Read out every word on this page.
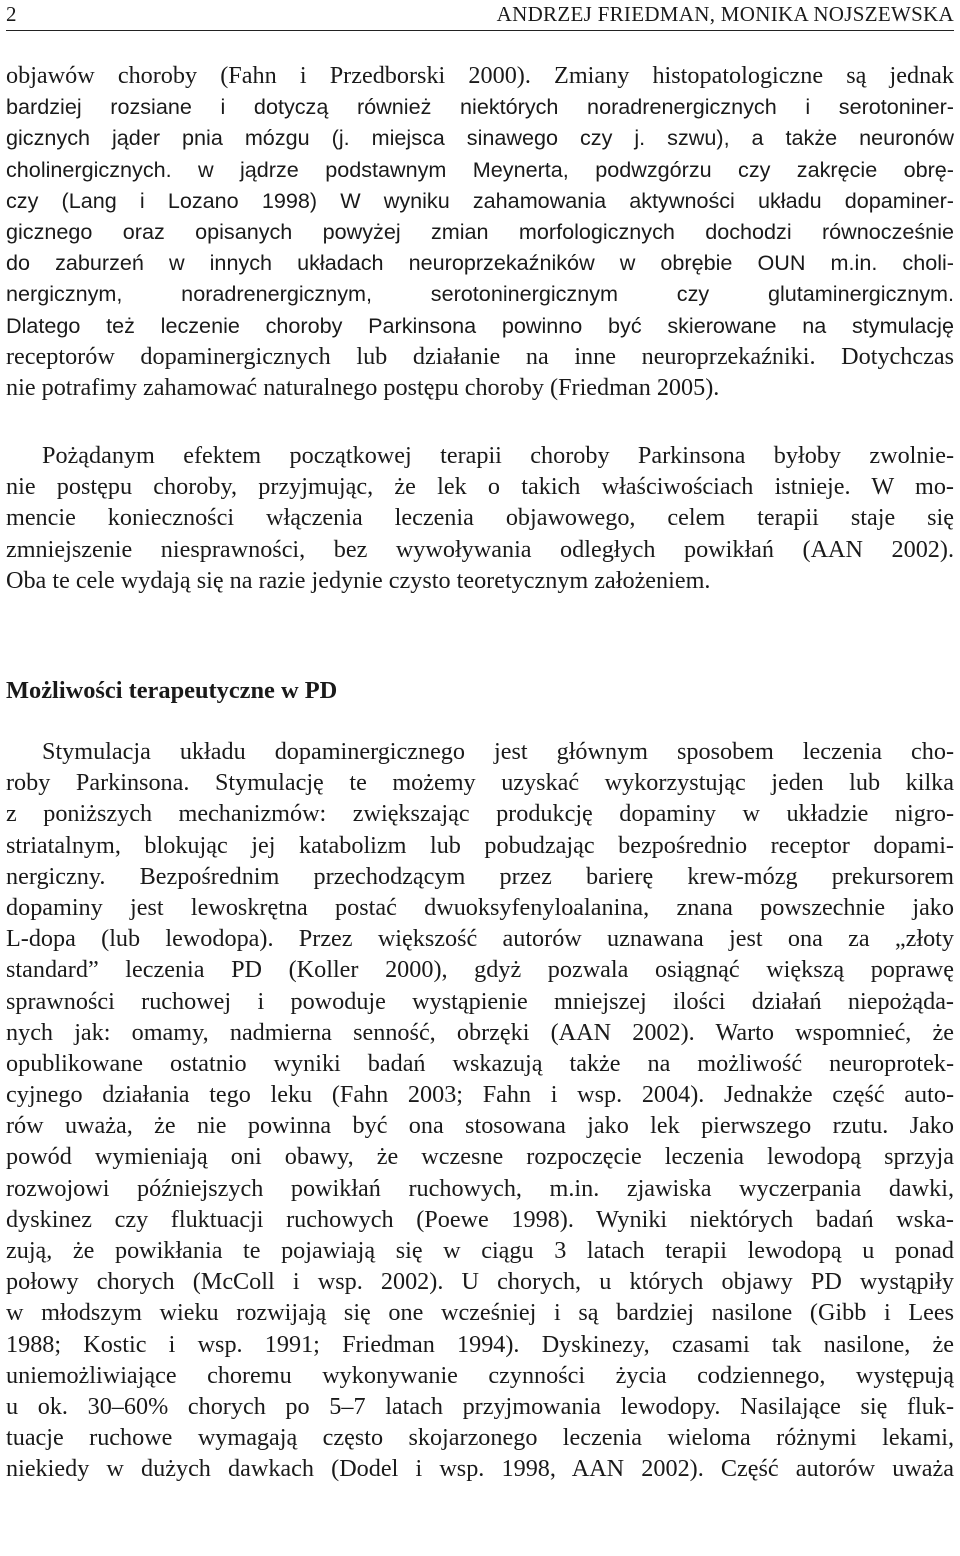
2	ANDRZEJ FRIEDMAN, MONIKA NOJSZEWSKA
objawów choroby (Fahn i Przedborski 2000). Zmiany histopatologiczne są jednak
bardziej rozsiane i dotyczą również niektórych noradrenergicznych i serotoniner-
gicznych jąder pnia mózgu (j. miejsca sinawego czy j. szwu), a także neuronów
cholinergicznych. w jądrze podstawnym Meynerta, podwzgórzu czy zakręcie obrę-
czy (Lang i Lozano 1998) W wyniku zahamowania aktywności układu dopaminer-
gicznego oraz opisanych powyżej zmian morfologicznych dochodzi równocześnie
do zaburzeń w innych układach neuroprzekaźników w obrębie OUN m.in. choli-
nergicznym, noradrenergicznym, serotoninergicznym czy glutaminergicznym.
Dlatego też leczenie choroby Parkinsona powinno być skierowane na stymulację
receptorów dopaminergicznych lub działanie na inne neuroprzekaźniki. Dotychczas
nie potrafimy zahamować naturalnego postępu choroby (Friedman 2005).
Pożądanym efektem początkowej terapii choroby Parkinsona byłoby zwolnie-
nie postępu choroby, przyjmując, że lek o takich właściwościach istnieje. W mo-
mencie konieczności włączenia leczenia objawowego, celem terapii staje się
zmniejszenie niesprawności, bez wywoływania odległych powikłań (AAN 2002).
Oba te cele wydają się na razie jedynie czysto teoretycznym założeniem.
Możliwości terapeutyczne w PD
Stymulacja układu dopaminergicznego jest głównym sposobem leczenia cho-
roby Parkinsona. Stymulację te możemy uzyskać wykorzystując jeden lub kilka
z poniższych mechanizmów: zwiększając produkcję dopaminy w układzie nigro-
striatalnym, blokując jej katabolizm lub pobudzając bezpośrednio receptor dopami-
nergiczny. Bezpośrednim przechodzącym przez barierę krew-mózg prekursorem
dopaminy jest lewoskrętna postać dwuoksyfenyloalanina, znana powszechnie jako
L-dopa (lub lewodopa). Przez większość autorów uznawana jest ona za „złoty
standard” leczenia PD (Koller 2000), gdyż pozwala osiągnąć większą poprawę
sprawności ruchowej i powoduje wystąpienie mniejszej ilości działań niepożąda-
nych jak: omamy, nadmierna senność, obrzęki (AAN 2002). Warto wspomnieć, że
opublikowane ostatnio wyniki badań wskazują także na możliwość neuroprotek-
cyjnego działania tego leku (Fahn 2003; Fahn i wsp. 2004). Jednakże część auto-
rów uważa, że nie powinna być ona stosowana jako lek pierwszego rzutu. Jako
powód wymieniają oni obawy, że wczesne rozpoczęcie leczenia lewodopą sprzyja
rozwojowi późniejszych powikłań ruchowych, m.in. zjawiska wyczerpania dawki,
dyskinez czy fluktuacji ruchowych (Poewe 1998). Wyniki niektórych badań wska-
zują, że powikłania te pojawiają się w ciągu 3 latach terapii lewodopą u ponad
połowy chorych (McColl i wsp. 2002). U chorych, u których objawy PD wystąpiły
w młodszym wieku rozwijają się one wcześniej i są bardziej nasilone (Gibb i Lees
1988; Kostic i wsp. 1991; Friedman 1994). Dyskinezy, czasami tak nasilone, że
uniemożliwiające choremu wykonywanie czynności życia codziennego, występują
u ok. 30–60% chorych po 5–7 latach przyjmowania lewodopy. Nasilające się fluk-
tuacje ruchowe wymagają często skojarzonego leczenia wieloma różnymi lekami,
niekiedy w dużych dawkach (Dodel i wsp. 1998, AAN 2002). Część autorów uważa
